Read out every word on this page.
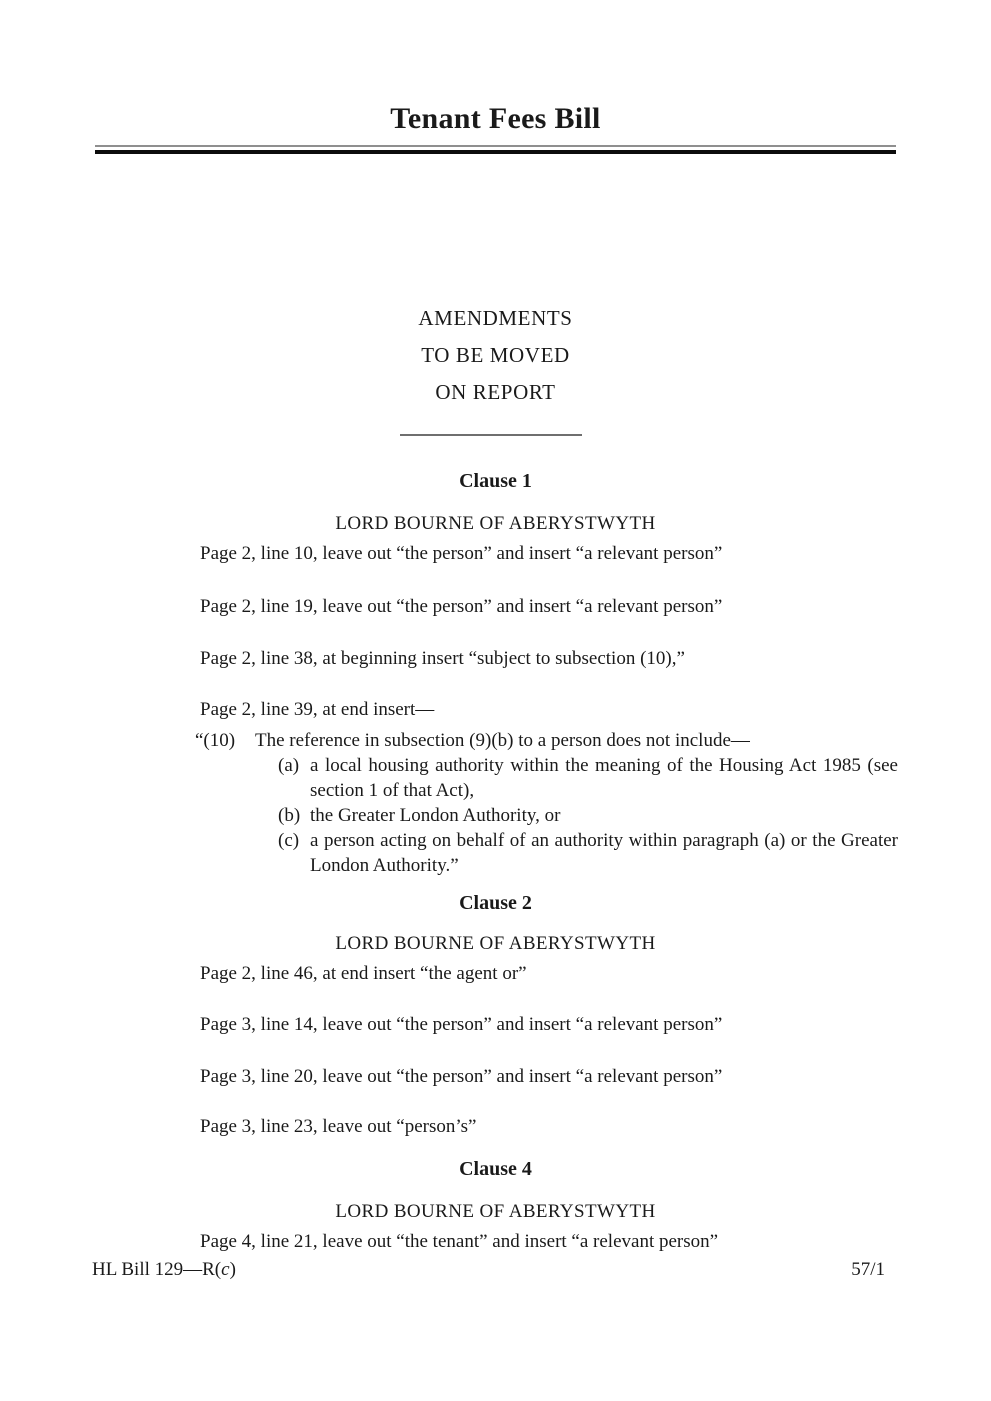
Tenant Fees Bill
AMENDMENTS
TO BE MOVED
ON REPORT
Clause 1
LORD BOURNE OF ABERYSTWYTH
Page 2, line 10, leave out “the person” and insert “a relevant person”
Page 2, line 19, leave out “the person” and insert “a relevant person”
Page 2, line 38, at beginning insert “subject to subsection (10),”
Page 2, line 39, at end insert—
“(10)	The reference in subsection (9)(b) to a person does not include—
(a) a local housing authority within the meaning of the Housing Act 1985 (see section 1 of that Act),
(b) the Greater London Authority, or
(c) a person acting on behalf of an authority within paragraph (a) or the Greater London Authority.”
Clause 2
LORD BOURNE OF ABERYSTWYTH
Page 2, line 46, at end insert “the agent or”
Page 3, line 14, leave out “the person” and insert “a relevant person”
Page 3, line 20, leave out “the person” and insert “a relevant person”
Page 3, line 23, leave out “person’s”
Clause 4
LORD BOURNE OF ABERYSTWYTH
Page 4, line 21, leave out “the tenant” and insert “a relevant person”
HL Bill 129—R(c)	57/1
